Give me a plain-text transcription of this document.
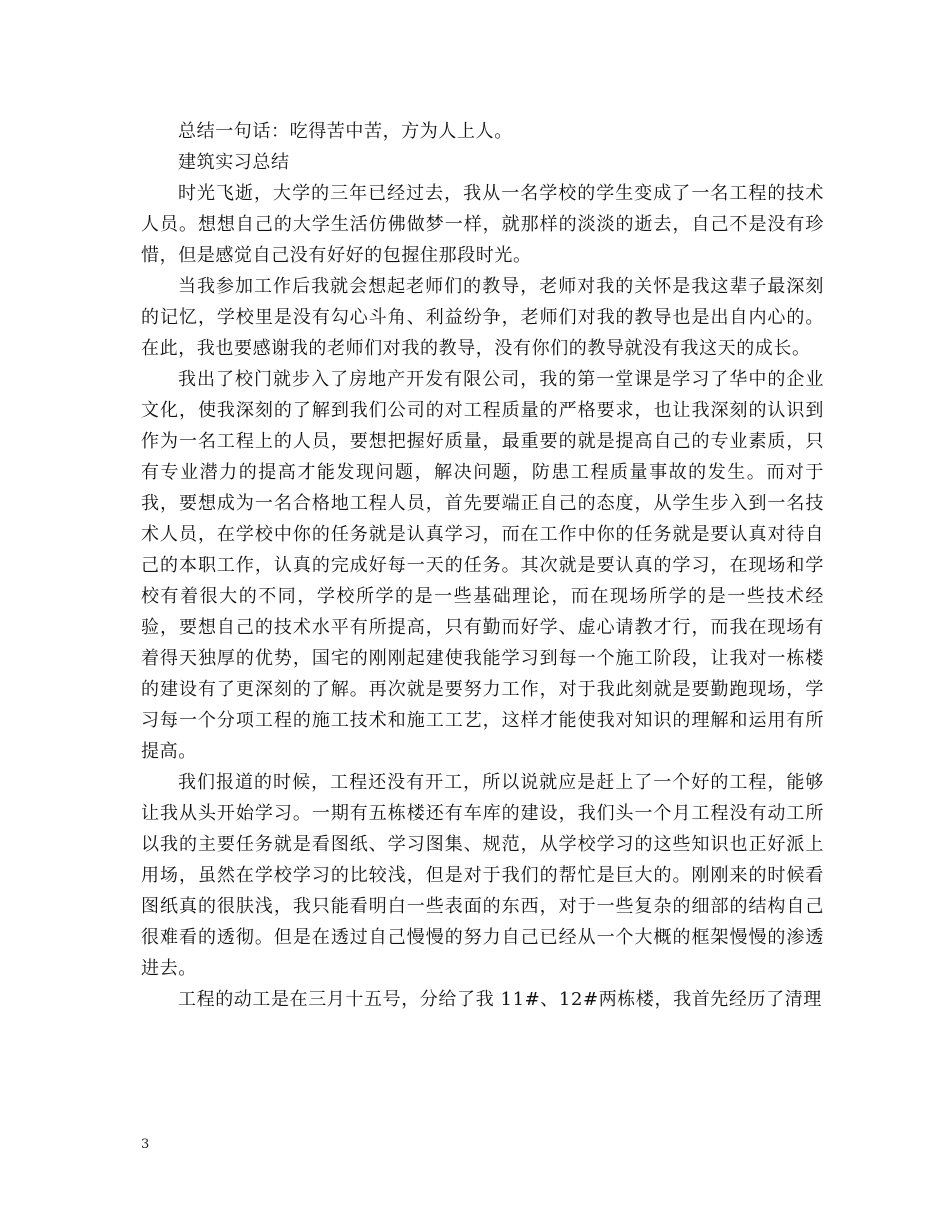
总结一句话：吃得苦中苦，方为人上人。

建筑实习总结

时光飞逝，大学的三年已经过去，我从一名学校的学生变成了一名工程的技术人员。想想自己的大学生活仿佛做梦一样，就那样的淡淡的逝去，自己不是没有珍惜，但是感觉自己没有好好的包握住那段时光。

当我参加工作后我就会想起老师们的教导，老师对我的关怀是我这辈子最深刻的记忆，学校里是没有勾心斗角、利益纷争，老师们对我的教导也是出自内心的。在此，我也要感谢我的老师们对我的教导，没有你们的教导就没有我这天的成长。

我出了校门就步入了房地产开发有限公司，我的第一堂课是学习了华中的企业文化，使我深刻的了解到我们公司的对工程质量的严格要求，也让我深刻的认识到作为一名工程上的人员，要想把握好质量，最重要的就是提高自己的专业素质，只有专业潜力的提高才能发现问题，解决问题，防患工程质量事故的发生。而对于我，要想成为一名合格地工程人员，首先要端正自己的态度，从学生步入到一名技术人员，在学校中你的任务就是认真学习，而在工作中你的任务就是要认真对待自己的本职工作，认真的完成好每一天的任务。其次就是要认真的学习，在现场和学校有着很大的不同，学校所学的是一些基础理论，而在现场所学的是一些技术经验，要想自己的技术水平有所提高，只有勤而好学、虚心请教才行，而我在现场有着得天独厚的优势，国宅的刚刚起建使我能学习到每一个施工阶段，让我对一栋楼的建设有了更深刻的了解。再次就是要努力工作，对于我此刻就是要勤跑现场，学习每一个分项工程的施工技术和施工工艺，这样才能使我对知识的理解和运用有所提高。

我们报道的时候，工程还没有开工，所以说就应是赶上了一个好的工程，能够让我从头开始学习。一期有五栋楼还有车库的建设，我们头一个月工程没有动工所以我的主要任务就是看图纸、学习图集、规范，从学校学习的这些知识也正好派上用场，虽然在学校学习的比较浅，但是对于我们的帮忙是巨大的。刚刚来的时候看图纸真的很肤浅，我只能看明白一些表面的东西，对于一些复杂的细部的结构自己很难看的透彻。但是在透过自己慢慢的努力自己已经从一个大概的框架慢慢的渗透进去。

工程的动工是在三月十五号，分给了我 11#、12#两栋楼，我首先经历了清理

3
